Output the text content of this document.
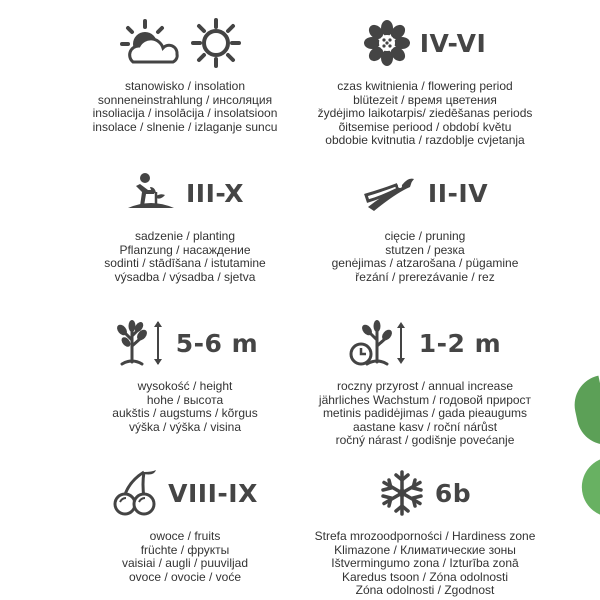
stanowisko / insolation
sonneneinstrahlung / инсоляция
insoliacija / insolācija / insolatsioon
insolace / slnenie / izlaganje suncu
IV-VI
czas kwitnienia / flowering period
blütezeit / время цветения
žydėjimo laikotarpis/ ziedēšanas periods
õitsemise periood / období květu
obdobie kvitnutia / razdoblje cvjetanja
III-X
sadzenie / planting
Pflanzung / насаждение
sodinti / stādīšana / istutamine
výsadba / výsadba / sjetva
II-IV
cięcie / pruning
stutzen / резка
genėjimas / atzarošana / pügamine
řezání / prerezávanie / rez
5-6 m
wysokość / height
hohe / высота
aukštis / augstums / kõrgus
výška / výška / visina
1-2 m
roczny przyrost / annual increase
jährliches Wachstum / годовой прирост
metinis padidėjimas / gada pieaugums
aastane kasv / roční nárůst
ročný nárast / godišnje povećanje
VIII-IX
owoce / fruits
früchte / фрукты
vaisiai / augli / puuviljad
ovoce / ovocie / voće
6b
Strefa mrozoodporności / Hardiness zone
Klimazone / Климатические зоны
Ištvermingumo zona / Izturība zonā
Karedus tsoon / Zóna odolnosti
Zóna odolnosti / Zgodnost
